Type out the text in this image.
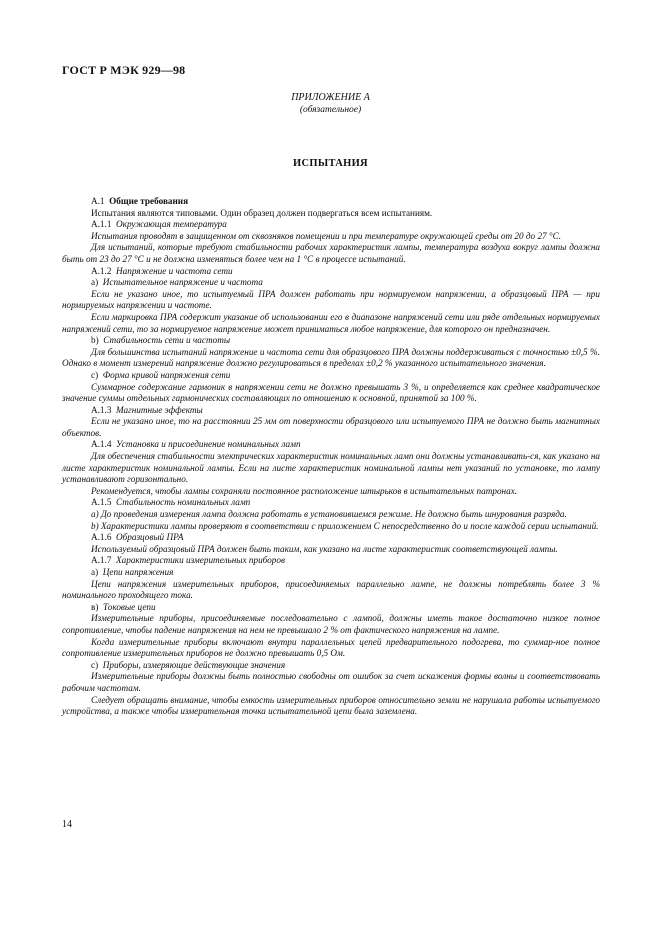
ГОСТ Р МЭК 929—98
ПРИЛОЖЕНИЕ А
(обязательное)
ИСПЫТАНИЯ

А.1 Общие требования

Испытания являются типовыми. Один образец должен подвергаться всем испытаниям.

А.1.1 Окружающая температура

Испытания проводят в защищенном от сквозняков помещении и при температуре окружающей среды от 20 до 27 °С.

Для испытаний, которые требуют стабильности рабочих характеристик лампы, температура воздуха вокруг лампы должна быть от 23 до 27 °С и не должна изменяться более чем на 1 °С в процессе испытаний.

А.1.2 Напряжение и частота сети

а) Испытательное напряжение и частота

Если не указано иное, то испытуемый ПРА должен работать при нормируемом напряжении, а образцовый ПРА — при нормируемых напряжении и частоте.

Если маркировка ПРА содержит указание об использовании его в диапазоне напряжений сети или ряде отдельных нормируемых напряжений сети, то за нормируемое напряжение может приниматься любое напряжение, для которого он предназначен.

b) Стабильность сети и частоты

Для большинства испытаний напряжение и частота сети для образцового ПРА должны поддерживаться с точностью ±0,5 %. Однако в момент измерений напряжение должно регулироваться в пределах ±0,2 % указанного испытательного значения.

с) Форма кривой напряжения сети

Суммарное содержание гармоник в напряжении сети не должно превышать 3 %, и определяется как среднее квадратическое значение суммы отдельных гармонических составляющих по отношению к основной, принятой за 100 %.

А.1.3 Магнитные эффекты

Если не указано иное, то на расстоянии 25 мм от поверхности образцового или испытуемого ПРА не должно быть магнитных объектов.

А.1.4 Установка и присоединение номинальных ламп

Для обеспечения стабильности электрических характеристик номинальных ламп они должны устанавливать-ся, как указано на листе характеристик номинальной лампы. Если на листе характеристик номинальной лампы нет указаний по установке, то лампу устанавливают горизонтально.

Рекомендуется, чтобы лампы сохраняли постоянное расположение штырьков в испытательных патронах.

А.1.5 Стабильность номинальных ламп

а) До проведения измерения лампа должна работать в установившемся режиме. Не должно быть шнурования разряда.

b) Характеристики лампы проверяют в соответствии с приложением С непосредственно до и после каждой серии испытаний.

А.1.6 Образцовый ПРА

Используемый образцовый ПРА должен быть таким, как указано на листе характеристик соответствующей лампы.

А.1.7 Характеристики измерительных приборов

а) Цепи напряжения

Цепи напряжения измерительных приборов, присоединяемых параллельно лампе, не должны потреблять более 3 % номинального проходящего тока.

в) Токовые цепи

Измерительные приборы, присоединяемые последовательно с лампой, должны иметь такое достаточно низкое полное сопротивление, чтобы падение напряжения на нем не превышало 2 % от фактического напряжения на лампе.

Когда измерительные приборы включают внутри параллельных цепей предварительного подогрева, то суммар-ное полное сопротивление измерительных приборов не должно превышать 0,5 Ом.

с) Приборы, измеряющие действующие значения

Измерительные приборы должны быть полностью свободны от ошибок за счет искажения формы волны и соответствовать рабочим частотам.

Следует обращать внимание, чтобы емкость измерительных приборов относительно земли не нарушала работы испытуемого устройства, а также чтобы измерительная точка испытательной цепи была заземлена.

14
